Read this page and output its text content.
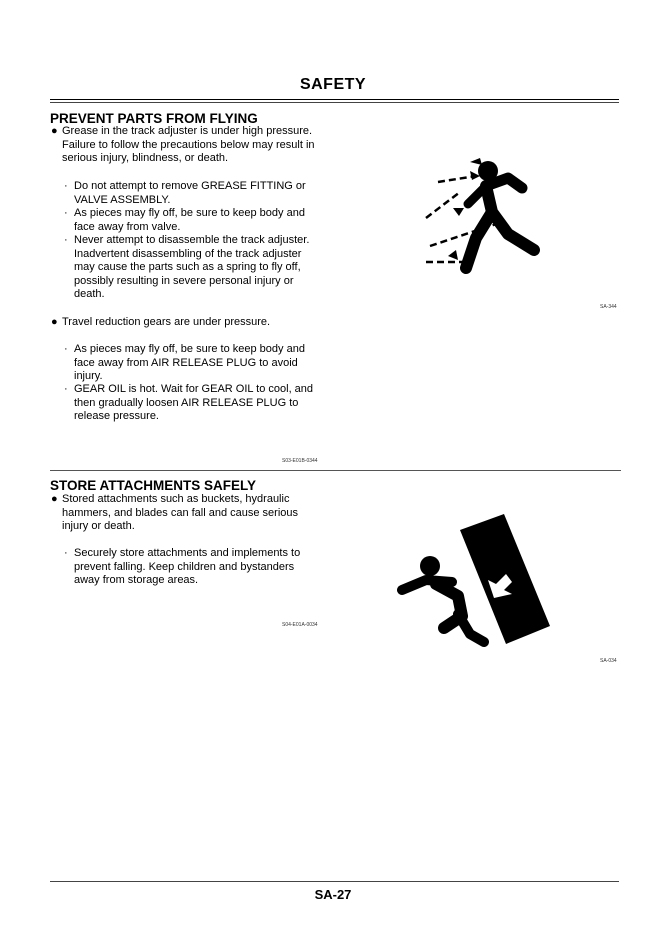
SAFETY
PREVENT PARTS FROM FLYING
● Grease in the track adjuster is under high pressure.
Failure to follow the precautions below may result in
serious injury, blindness, or death.
· Do not attempt to remove GREASE FITTING or
VALVE ASSEMBLY.
· As pieces may fly off, be sure to keep body and
face away from valve.
· Never attempt to disassemble the track adjuster.
Inadvertent disassembling of the track adjuster
may cause the parts such as a spring to fly off,
possibly resulting in severe personal injury or
death.
● Travel reduction gears are under pressure.
· As pieces may fly off, be sure to keep body and
face away from AIR RELEASE PLUG to avoid
injury.
· GEAR OIL is hot. Wait for GEAR OIL to cool, and
then gradually loosen AIR RELEASE PLUG to
release pressure.
S03-E01B-0344
SA-344
STORE ATTACHMENTS SAFELY
● Stored attachments such as buckets, hydraulic
hammers, and blades can fall and cause serious
injury or death.
· Securely store attachments and implements to
prevent falling. Keep children and bystanders
away from storage areas.
S04-E01A-0034
SA-034
SA-27
